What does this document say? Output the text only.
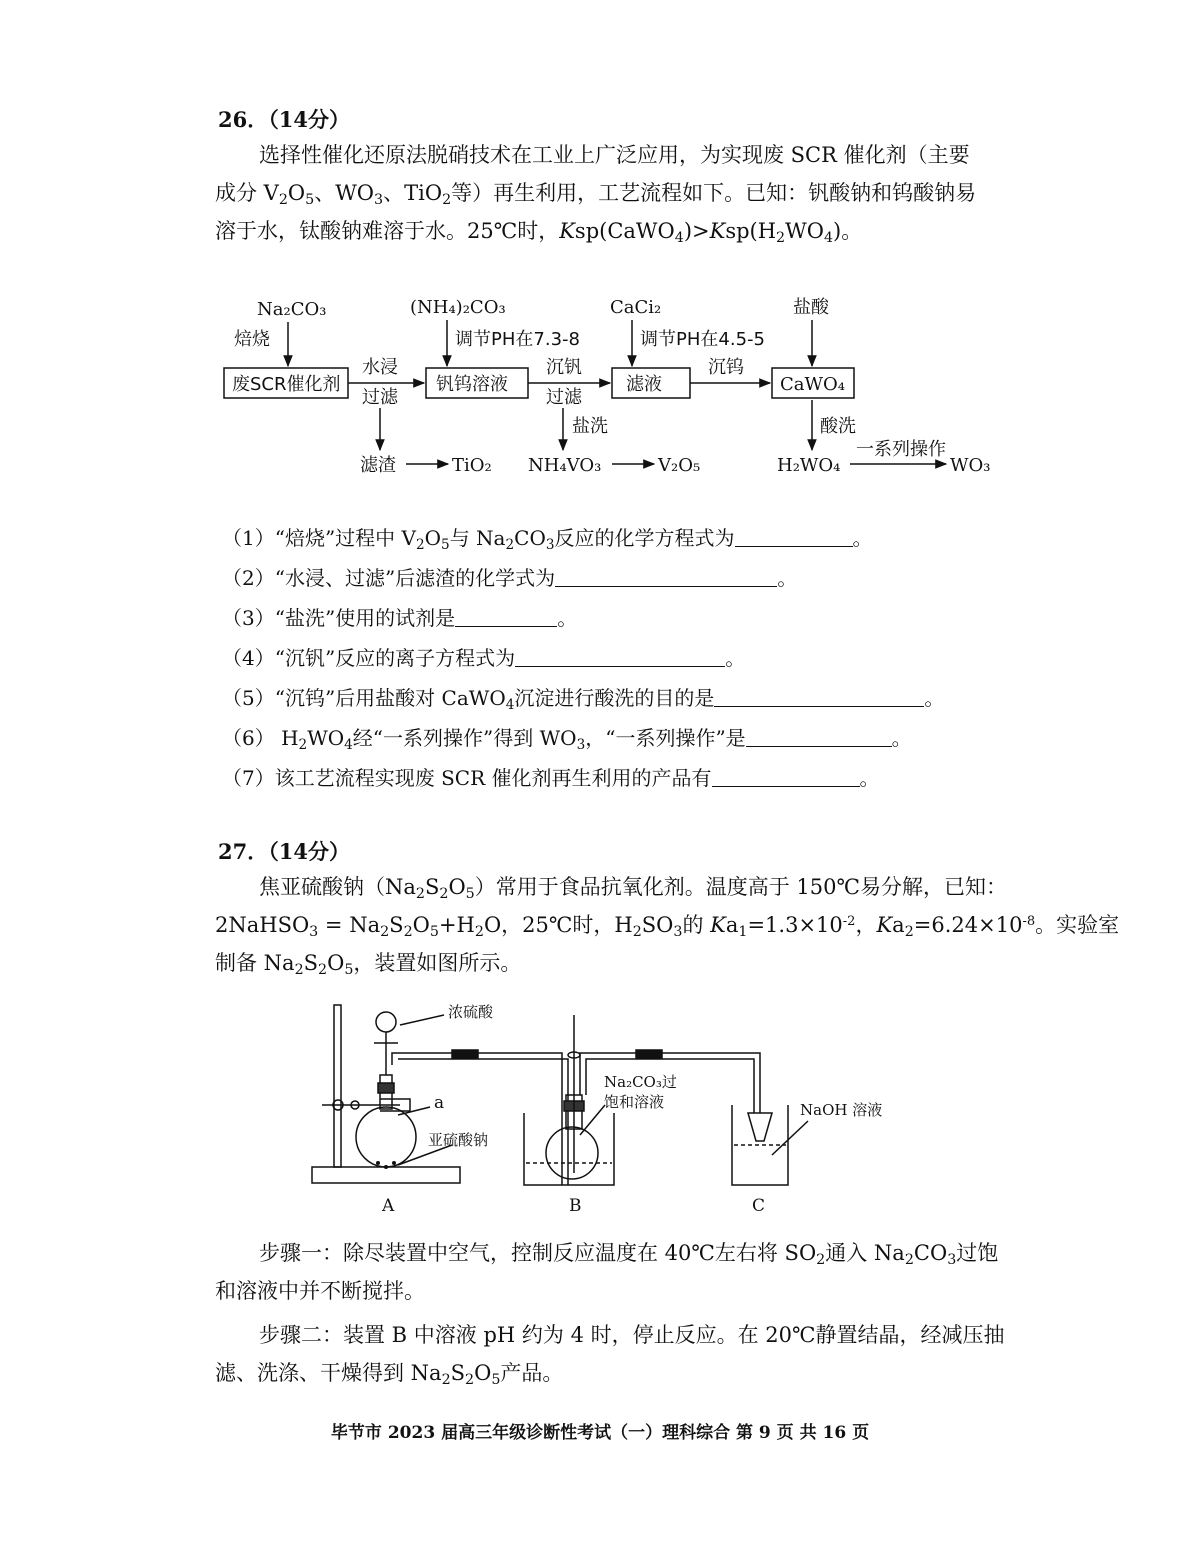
26．（14分）
选择性催化还原法脱硝技术在工业上广泛应用，为实现废 SCR 催化剂（主要
成分 $V_2O_5$、$WO_3$、TiO$_2$等）再生利用，工艺流程如下。已知：钒酸钠和钨酸钠易
溶于水，钛酸钠难溶于水。25℃时，$Ksp(CaWO_4)>Ksp(H_2WO_4)$。
Na₂CO₃
焙烧
(NH₄)₂CO₃
调节PH在7.3-8
CaCi₂
调节PH在4.5-5
盐酸
废SCR催化剂	钒钨溶液	滤液	CaWO₄
水浸
过滤
沉钒
过滤
沉钨
盐洗	酸洗
滤渣	TiO₂ NH₄VO₃	V₂O₅	H₂WO₄
一系列操作
WO₃
（1）“焙烧”过程中 $V_2O_5$与 $Na_2CO_3$反应的化学方程式为	。
（2）“水浸、过滤”后滤渣的化学式为	。
（3）“盐洗”使用的试剂是	。
（4）“沉钒”反应的离子方程式为	。
（5）“沉钨”后用盐酸对 CaWO$_4$沉淀进行酸洗的目的是	。
（6） $H_2WO_4$经“一系列操作”得到 $WO_3$，“一系列操作”是	。
（7）该工艺流程实现废 SCR 催化剂再生利用的产品有	。
27．（14分）
焦亚硫酸钠$(Na_2S_2O_5)$常用于食品抗氧化剂。温度高于 150℃易分解，已知：
2NaHSO$_3$ = $Na_2S_2O_5+H_2O$，25℃时，$H_2SO_3$的 $Ka_1=1.3\times 10^{-2}$，$Ka_2=6.24\times 10^{-8}$。实验室
制备 $Na_2S_2O_5$，装置如图所示。
浓硫酸
a
亚硫酸钠
Na₂CO₃过
饱和溶液	NaOH 溶液
A	B	C
步骤一：除尽装置中空气，控制反应温度在 40℃左右将 $SO_2$通入 $Na_2CO_3$过饱
和溶液中并不断搅拌。
步骤二：装置 B 中溶液 pH 约为 4 时，停止反应。在 20℃静置结晶，经减压抽
滤、洗涤、干燥得到 $Na_2S_2O_5$产品。
毕节市 2023 届高三年级诊断性考试（一）理科综合 第 9 页 共 16 页
